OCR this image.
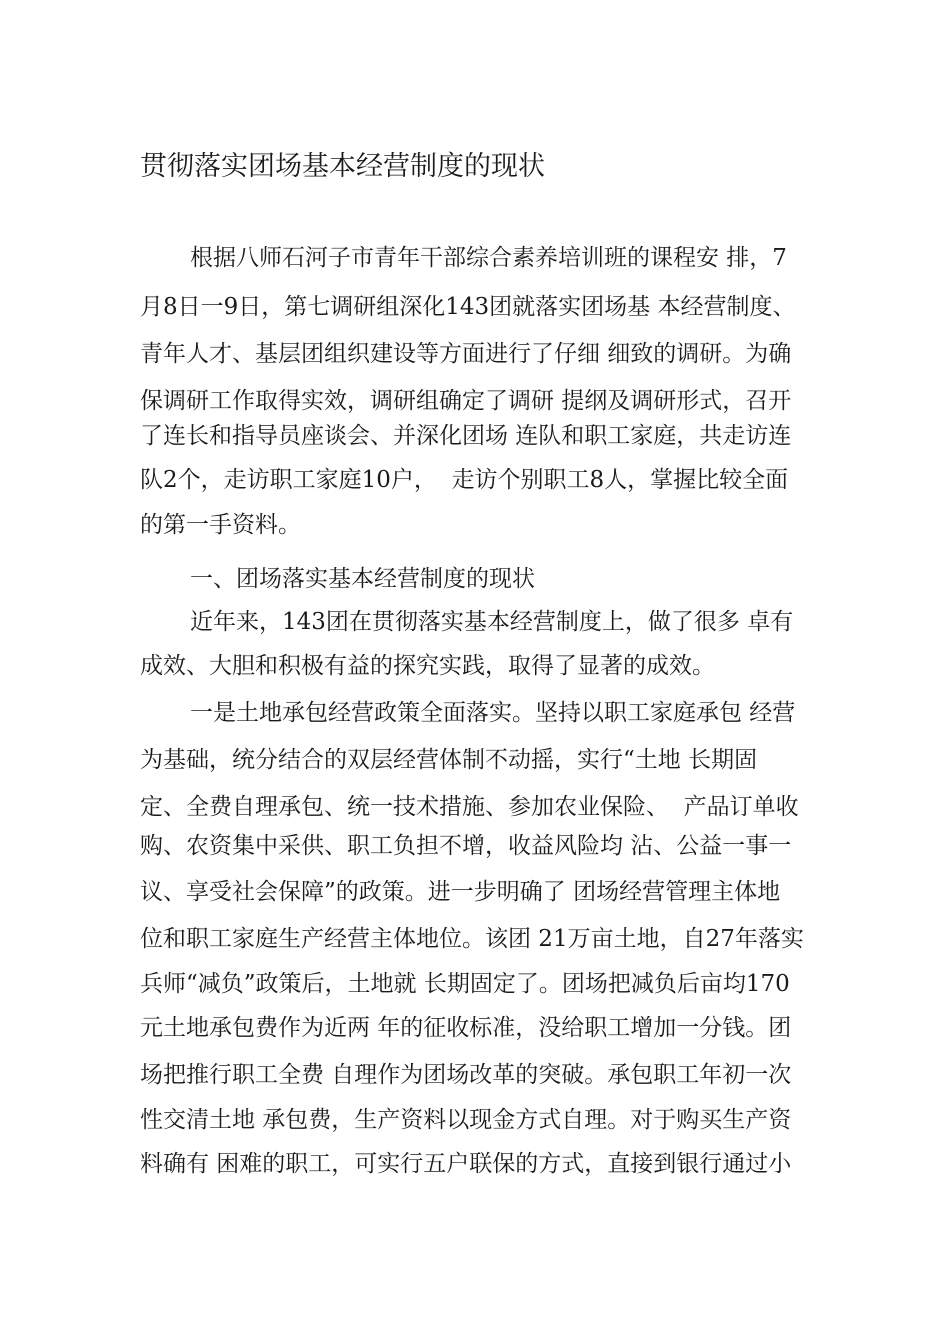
贯彻落实团场基本经营制度的现状
根据八师石河子市青年干部综合素养培训班的课程安 排，7
月8日一9日，第七调研组深化143团就落实团场基 本经营制度、
青年人才、基层团组织建设等方面进行了仔细 细致的调研。为确
保调研工作取得实效，调研组确定了调研 提纲及调研形式，召开
了连长和指导员座谈会、并深化团场 连队和职工家庭，共走访连
队2个，走访职工家庭10户，  走访个别职工8人，掌握比较全面
的第一手资料。
一、团场落实基本经营制度的现状
近年来，143团在贯彻落实基本经营制度上，做了很多 卓有
成效、大胆和积极有益的探究实践，取得了显著的成效。
一是土地承包经营政策全面落实。坚持以职工家庭承包 经营
为基础，统分结合的双层经营体制不动摇，实行“土地 长期固
定、全费自理承包、统一技术措施、参加农业保险、  产品订单收
购、农资集中采供、职工负担不增，收益风险均 沾、公益一事一
议、享受社会保障”的政策。进一步明确了 团场经营管理主体地
位和职工家庭生产经营主体地位。该团 21万亩土地，自27年落实
兵师“减负”政策后，土地就 长期固定了。团场把减负后亩均170
元土地承包费作为近两 年的征收标准，没给职工增加一分钱。团
场把推行职工全费 自理作为团场改革的突破。承包职工年初一次
性交清土地 承包费，生产资料以现金方式自理。对于购买生产资
料确有 困难的职工，可实行五户联保的方式，直接到银行通过小
